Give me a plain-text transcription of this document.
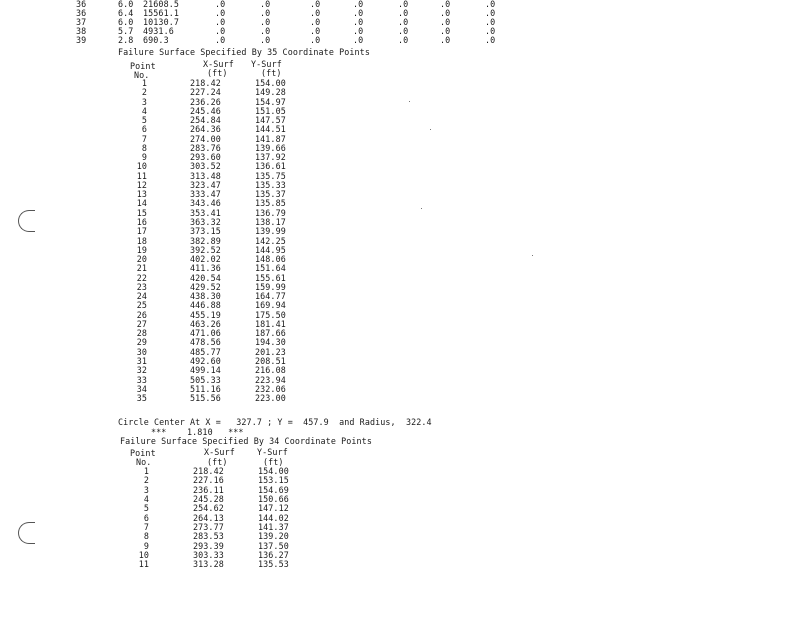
36	6.0 21608.5	.0	.0	.0	.0	.0	.0	.0
36	6.4 15561.1	.0	.0	.0	.0	.0	.0	.0
37	6.0 10130.7	.0	.0	.0	.0	.0	.0	.0
38	5.7 4931.6	.0	.0	.0	.0	.0	.0	.0
39	2.8 690.3	.0	.0	.0	.0	.0	.0	.0
Failure Surface Specified By 35 Coordinate Points
Point	X-Surf Y-Surf
No.	(ft)	(ft)
1	218.42	154.00
2	227.24	149.28
3	236.26	154.97
4	245.46	151.05
5	254.84	147.57
6	264.36	144.51
7	274.00	141.87
8	283.76	139.66
9	293.60	137.92
10	303.52	136.61
11	313.48	135.75
12	323.47	135.33
13	333.47	135.37
14	343.46	135.85
15	353.41	136.79
16	363.32	138.17
17	373.15	139.99
18	382.89	142.25
19	392.52	144.95
20	402.02	148.06
21	411.36	151.64
22	420.54	155.61
23	429.52	159.99
24	438.30	164.77
25	446.88	169.94
26	455.19	175.50
27	463.26	181.41
28	471.06	187.66
29	478.56	194.30
30	485.77	201.23
31	492.60	208.51
32	499.14	216.08
33	505.33	223.94
34	511.16	232.06
35	515.56	223.00
Circle Center At X =   327.7 ; Y =  457.9  and Radius,  322.4
***    1.810   ***
Failure Surface Specified By 34 Coordinate Points
Point	X-Surf	Y-Surf
No.	(ft)	(ft)
1	218.42	154.00
2	227.16	153.15
3	236.11	154.69
4	245.28	150.66
5	254.62	147.12
6	264.13	144.02
7	273.77	141.37
8	283.53	139.20
9	293.39	137.50
10	303.33	136.27
11	313.28	135.53
